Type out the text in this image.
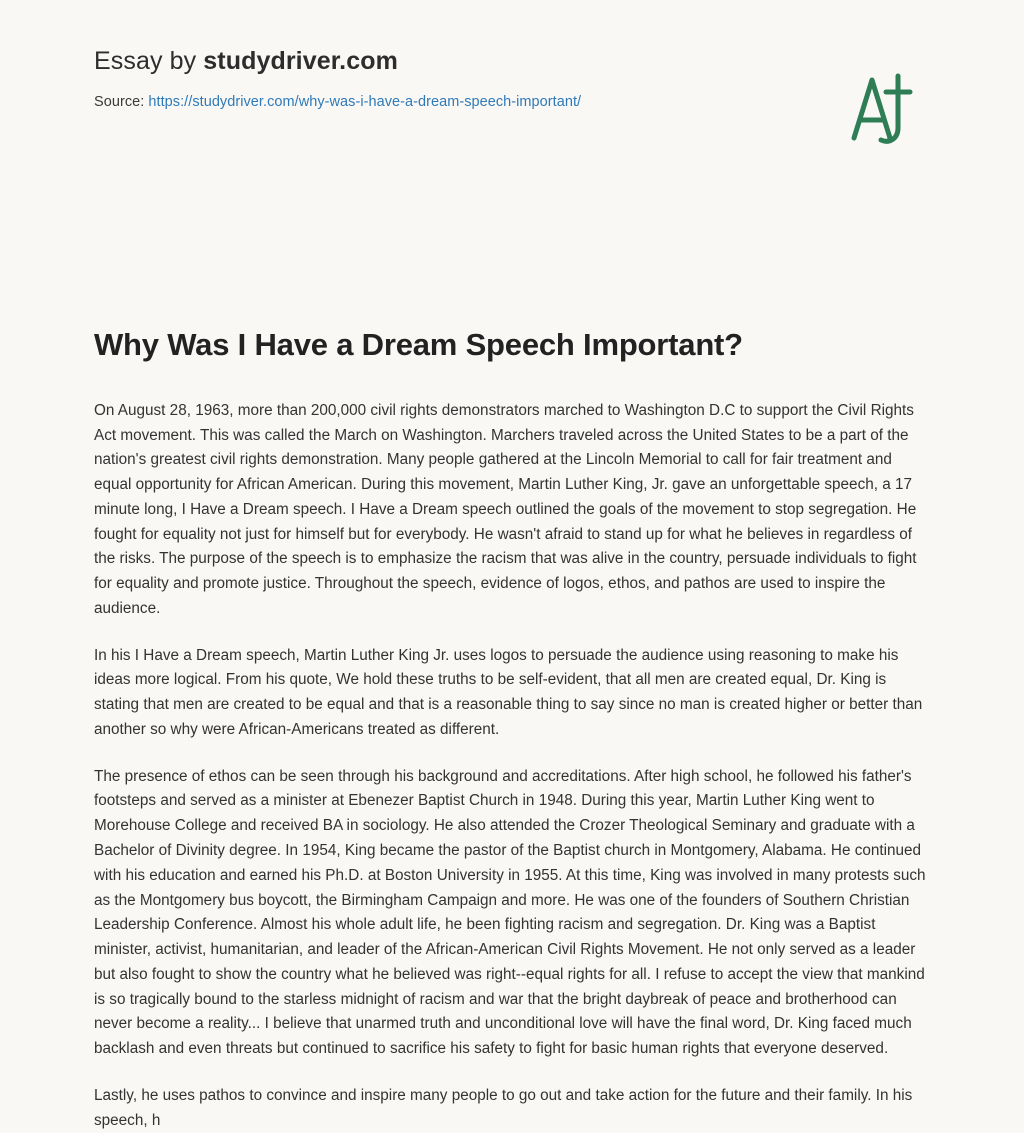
Essay by studydriver.com
Source: https://studydriver.com/why-was-i-have-a-dream-speech-important/
Why Was I Have a Dream Speech Important?

On August 28, 1963, more than 200,000 civil rights demonstrators marched to Washington D.C to support the Civil Rights Act movement. This was called the March on Washington. Marchers traveled across the United States to be a part of the nation's greatest civil rights demonstration. Many people gathered at the Lincoln Memorial to call for fair treatment and equal opportunity for African American. During this movement, Martin Luther King, Jr. gave an unforgettable speech, a 17 minute long, I Have a Dream speech. I Have a Dream speech outlined the goals of the movement to stop segregation. He fought for equality not just for himself but for everybody. He wasn't afraid to stand up for what he believes in regardless of the risks. The purpose of the speech is to emphasize the racism that was alive in the country, persuade individuals to fight for equality and promote justice. Throughout the speech, evidence of logos, ethos, and pathos are used to inspire the audience.

In his I Have a Dream speech, Martin Luther King Jr. uses logos to persuade the audience using reasoning to make his ideas more logical. From his quote, We hold these truths to be self-evident, that all men are created equal, Dr. King is stating that men are created to be equal and that is a reasonable thing to say since no man is created higher or better than another so why were African-Americans treated as different.

The presence of ethos can be seen through his background and accreditations. After high school, he followed his father's footsteps and served as a minister at Ebenezer Baptist Church in 1948. During this year, Martin Luther King went to Morehouse College and received BA in sociology. He also attended the Crozer Theological Seminary and graduate with a Bachelor of Divinity degree. In 1954, King became the pastor of the Baptist church in Montgomery, Alabama. He continued with his education and earned his Ph.D. at Boston University in 1955. At this time, King was involved in many protests such as the Montgomery bus boycott, the Birmingham Campaign and more. He was one of the founders of Southern Christian Leadership Conference. Almost his whole adult life, he been fighting racism and segregation. Dr. King was a Baptist minister, activist, humanitarian, and leader of the African-American Civil Rights Movement. He not only served as a leader but also fought to show the country what he believed was right--equal rights for all. I refuse to accept the view that mankind is so tragically bound to the starless midnight of racism and war that the bright daybreak of peace and brotherhood can never become a reality... I believe that unarmed truth and unconditional love will have the final word, Dr. King faced much backlash and even threats but continued to sacrifice his safety to fight for basic human rights that everyone deserved.

Lastly, he uses pathos to convince and inspire many people to go out and take action for the future and their family. In his speech, h
